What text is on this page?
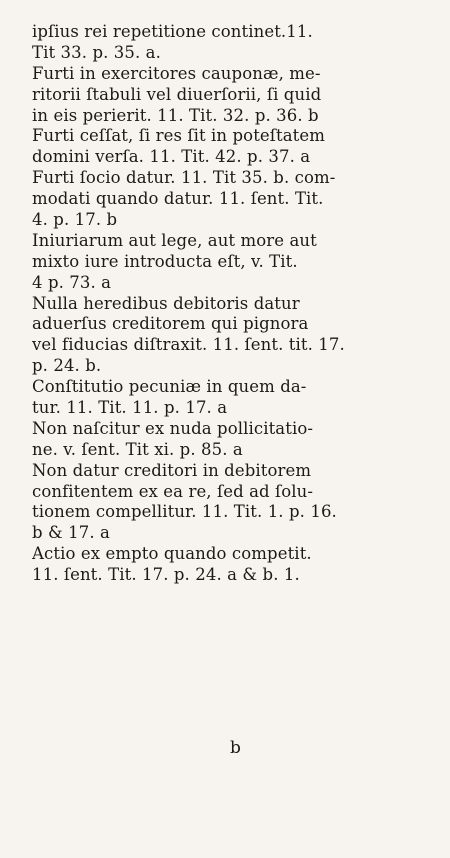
ipſius rei repetitione continet.11.
Tit 33. p. 35. a.
Furti in exercitores cauponæ, me-
ritorii ſtabuli vel diuerſorii, ſi quid
in eis perierit. 11. Tit. 32. p. 36. b
Furti ceſſat, ſi res ſit in poteſtatem
domini verſa. 11. Tit. 42. p. 37. a
Furti ſocio datur. 11. Tit 35. b. com-
modati quando datur. 11. ſent. Tit.
4. p. 17. b
Iniuriarum aut lege, aut more aut
mixto iure introducta eſt, v. Tit.
4 p. 73. a
Nulla heredibus debitoris datur
aduerſus creditorem qui pignora
vel fiducias diſtraxit. 11. ſent. tit. 17.
p. 24. b.
Conſtitutio pecuniæ in quem da-
tur. 11. Tit. 11. p. 17. a
Non naſcitur ex nuda pollicitatio-
ne. v. ſent. Tit xi. p. 85. a
Non datur creditori in debitorem
confitentem ex ea re, ſed ad ſolu-
tionem compellitur. 11. Tit. 1. p. 16.
b & 17. a
Actio ex empto quando competit.
11. ſent. Tit. 17. p. 24. a & b. 1.
b
